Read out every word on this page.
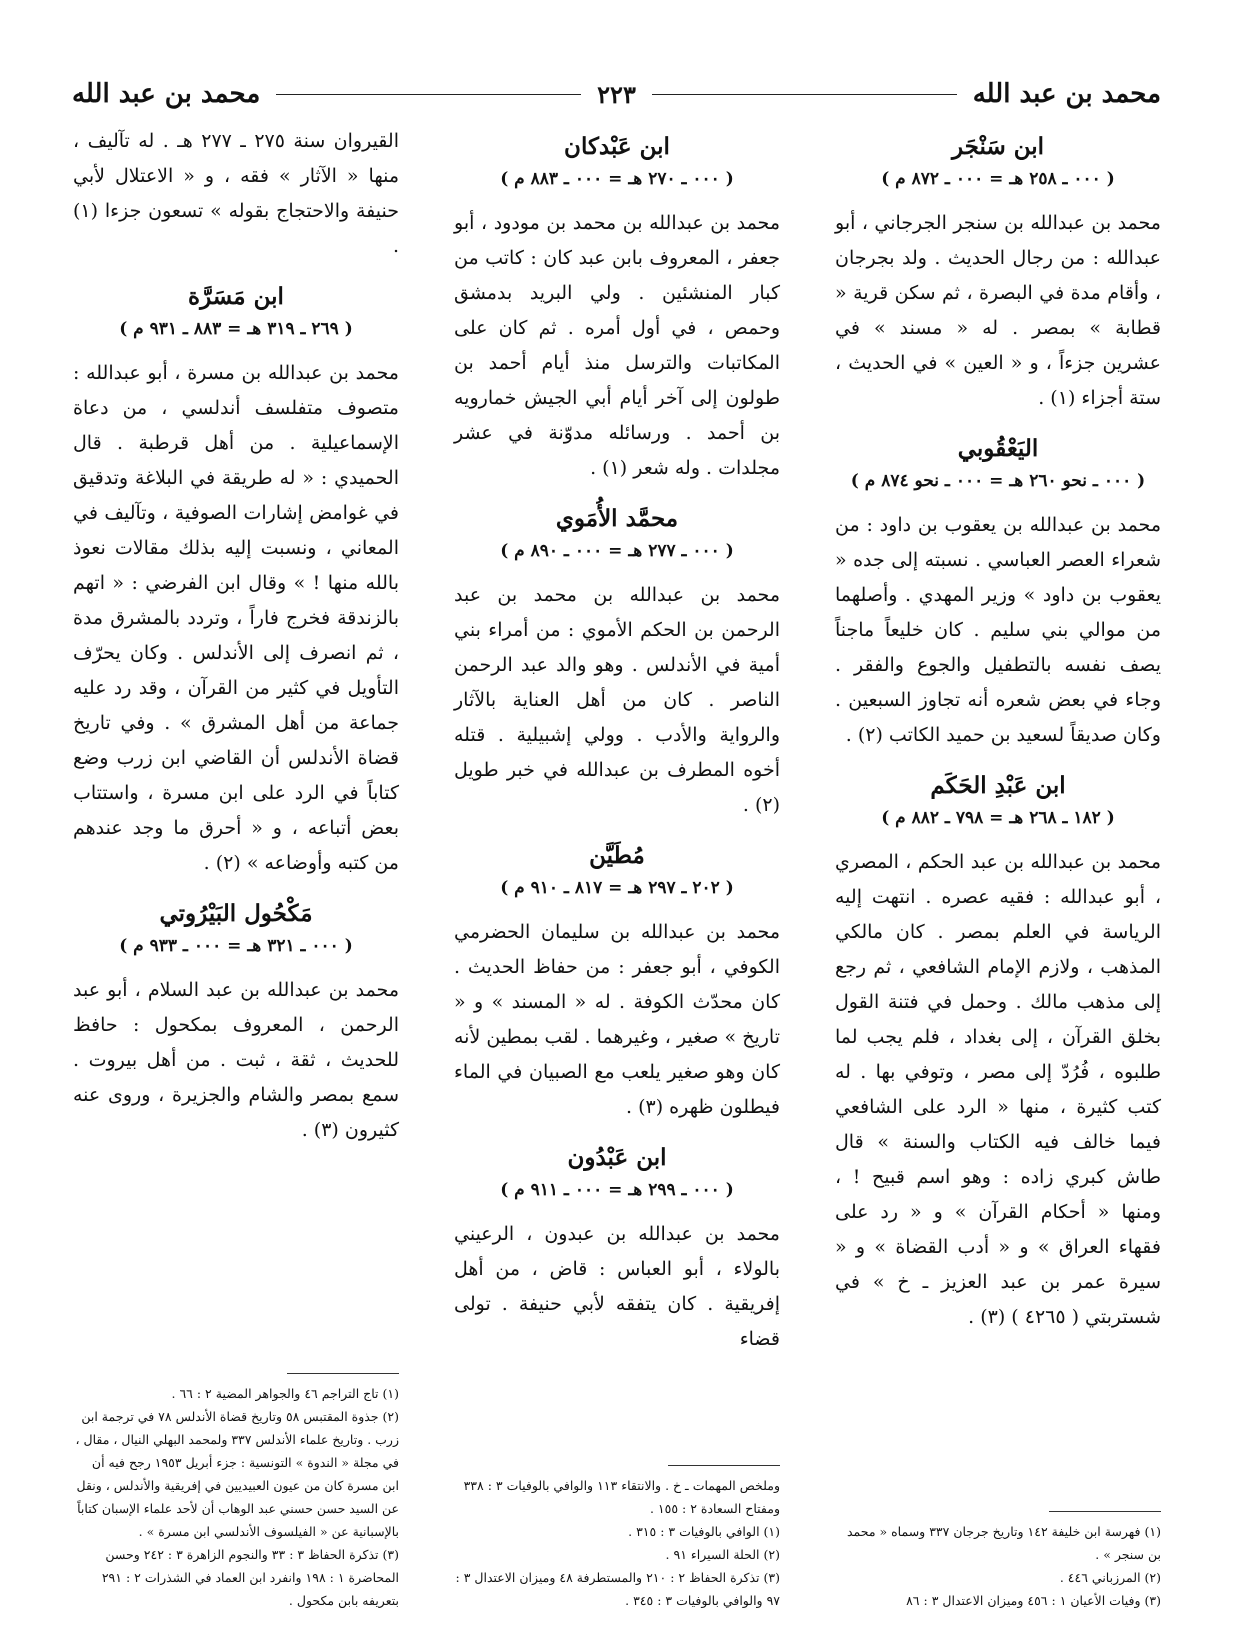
محمد بن عبد الله
٢٢٣
محمد بن عبد الله
ابن سَنْجَر
( ٠٠٠ ـ ٢٥٨ هـ = ٠٠٠ ـ ٨٧٢ م )
محمد بن عبدالله بن سنجر الجرجاني ، أبو عبدالله : من رجال الحديث . ولد بجرجان ، وأقام مدة في البصرة ، ثم سكن قرية « قطابة » بمصر . له « مسند » في عشرين جزءاً ، و « العين » في الحديث ، ستة أجزاء (١) .
اليَعْقُوبي
( ٠٠٠ ـ نحو ٢٦٠ هـ = ٠٠٠ ـ نحو ٨٧٤ م )
محمد بن عبدالله بن يعقوب بن داود : من شعراء العصر العباسي . نسبته إلى جده « يعقوب بن داود » وزير المهدي . وأصلهما من موالي بني سليم . كان خليعاً ماجناً يصف نفسه بالتطفيل والجوع والفقر . وجاء في بعض شعره أنه تجاوز السبعين . وكان صديقاً لسعيد بن حميد الكاتب (٢) .
ابن عَبْدِ الحَكَم
( ١٨٢ ـ ٢٦٨ هـ = ٧٩٨ ـ ٨٨٢ م )
محمد بن عبدالله بن عبد الحكم ، المصري ، أبو عبدالله : فقيه عصره . انتهت إليه الرياسة في العلم بمصر . كان مالكي المذهب ، ولازم الإمام الشافعي ، ثم رجع إلى مذهب مالك . وحمل في فتنة القول بخلق القرآن ، إلى بغداد ، فلم يجب لما طلبوه ، فُرُدّ إلى مصر ، وتوفي بها . له كتب كثيرة ، منها « الرد على الشافعي فيما خالف فيه الكتاب والسنة » قال طاش كبري زاده : وهو اسم قبيح ! ، ومنها « أحكام القرآن » و « رد على فقهاء العراق » و « أدب القضاة » و « سيرة عمر بن عبد العزيز ـ خ » في شستربتي ( ٤٢٦٥ ) (٣) .

(١) فهرسة ابن خليفة ١٤٢ وتاريخ جرجان ٣٣٧ وسماه « محمد بن سنجر » .

(٢) المرزباني ٤٤٦ .

(٣) وفيات الأعيان ١ : ٤٥٦ وميزان الاعتدال ٣ : ٨٦

ابن عَبْدكان
( ٠٠٠ ـ ٢٧٠ هـ = ٠٠٠ ـ ٨٨٣ م )
محمد بن عبدالله بن محمد بن مودود ، أبو جعفر ، المعروف بابن عبد كان : كاتب من كبار المنشئين . ولي البريد بدمشق وحمص ، في أول أمره . ثم كان على المكاتبات والترسل منذ أيام أحمد بن طولون إلى آخر أيام أبي الجيش خمارويه بن أحمد . ورسائله مدوّنة في عشر مجلدات . وله شعر (١) .
محمَّد الأُمَوي
( ٠٠٠ ـ ٢٧٧ هـ = ٠٠٠ ـ ٨٩٠ م )
محمد بن عبدالله بن محمد بن عبد الرحمن بن الحكم الأموي : من أمراء بني أمية في الأندلس . وهو والد عبد الرحمن الناصر . كان من أهل العناية بالآثار والرواية والأدب . وولي إشبيلية . قتله أخوه المطرف بن عبدالله في خبر طويل (٢) .
مُطَيَّن
( ٢٠٢ ـ ٢٩٧ هـ = ٨١٧ ـ ٩١٠ م )
محمد بن عبدالله بن سليمان الحضرمي الكوفي ، أبو جعفر : من حفاظ الحديث . كان محدّث الكوفة . له « المسند » و « تاريخ » صغير ، وغيرهما . لقب بمطين لأنه كان وهو صغير يلعب مع الصبيان في الماء فيطلون ظهره (٣) .
ابن عَبْدُون
( ٠٠٠ ـ ٢٩٩ هـ = ٠٠٠ ـ ٩١١ م )
محمد بن عبدالله بن عبدون ، الرعيني بالولاء ، أبو العباس : قاض ، من أهل إفريقية . كان يتفقه لأبي حنيفة . تولى قضاء

وملخص المهمات ـ خ . والانتقاء ١١٣ والوافي بالوفيات ٣ : ٣٣٨ ومفتاح السعادة ٢ : ١٥٥ .

(١) الوافي بالوفيات ٣ : ٣١٥ .

(٢) الحلة السيراء ٩١ .

(٣) تذكرة الحفاظ ٢ : ٢١٠ والمستطرفة ٤٨ وميزان الاعتدال ٣ : ٩٧ والوافي بالوفيات ٣ : ٣٤٥ .

القيروان سنة ٢٧٥ ـ ٢٧٧ هـ . له تآليف ، منها « الآثار » فقه ، و « الاعتلال لأبي حنيفة والاحتجاج بقوله » تسعون جزءا (١) .
ابن مَسَرَّة
( ٢٦٩ ـ ٣١٩ هـ = ٨٨٣ ـ ٩٣١ م )
محمد بن عبدالله بن مسرة ، أبو عبدالله : متصوف متفلسف أندلسي ، من دعاة الإسماعيلية . من أهل قرطبة . قال الحميدي : « له طريقة في البلاغة وتدقيق في غوامض إشارات الصوفية ، وتآليف في المعاني ، ونسبت إليه بذلك مقالات نعوذ بالله منها ! » وقال ابن الفرضي : « اتهم بالزندقة فخرج فاراً ، وتردد بالمشرق مدة ، ثم انصرف إلى الأندلس . وكان يحرّف التأويل في كثير من القرآن ، وقد رد عليه جماعة من أهل المشرق » . وفي تاريخ قضاة الأندلس أن القاضي ابن زرب وضع كتاباً في الرد على ابن مسرة ، واستتاب بعض أتباعه ، و « أحرق ما وجد عندهم من كتبه وأوضاعه » (٢) .
مَكْحُول البَيْرُوتي
( ٠٠٠ ـ ٣٢١ هـ = ٠٠٠ ـ ٩٣٣ م )
محمد بن عبدالله بن عبد السلام ، أبو عبد الرحمن ، المعروف بمكحول : حافظ للحديث ، ثقة ، ثبت . من أهل بيروت . سمع بمصر والشام والجزيرة ، وروى عنه كثيرون (٣) .

(١) تاج التراجم ٤٦ والجواهر المضية ٢ : ٦٦ .

(٢) جذوة المقتبس ٥٨ وتاريخ قضاة الأندلس ٧٨ في ترجمة ابن زرب . وتاريخ علماء الأندلس ٣٣٧ ولمحمد البهلي النيال ، مقال ، في مجلة « الندوة » التونسية : جزء أبريل ١٩٥٣ رجح فيه أن ابن مسرة كان من عيون العبيديين في إفريقية والأندلس ، ونقل عن السيد حسن حسني عبد الوهاب أن لأحد علماء الإسبان كتاباً بالإسبانية عن « الفيلسوف الأندلسي ابن مسرة » .

(٣) تذكرة الحفاظ ٣ : ٣٣ والنجوم الزاهرة ٣ : ٢٤٢ وحسن المحاضرة ١ : ١٩٨ وانفرد ابن العماد في الشذرات ٢ : ٢٩١ بتعريفه بابن مكحول .
